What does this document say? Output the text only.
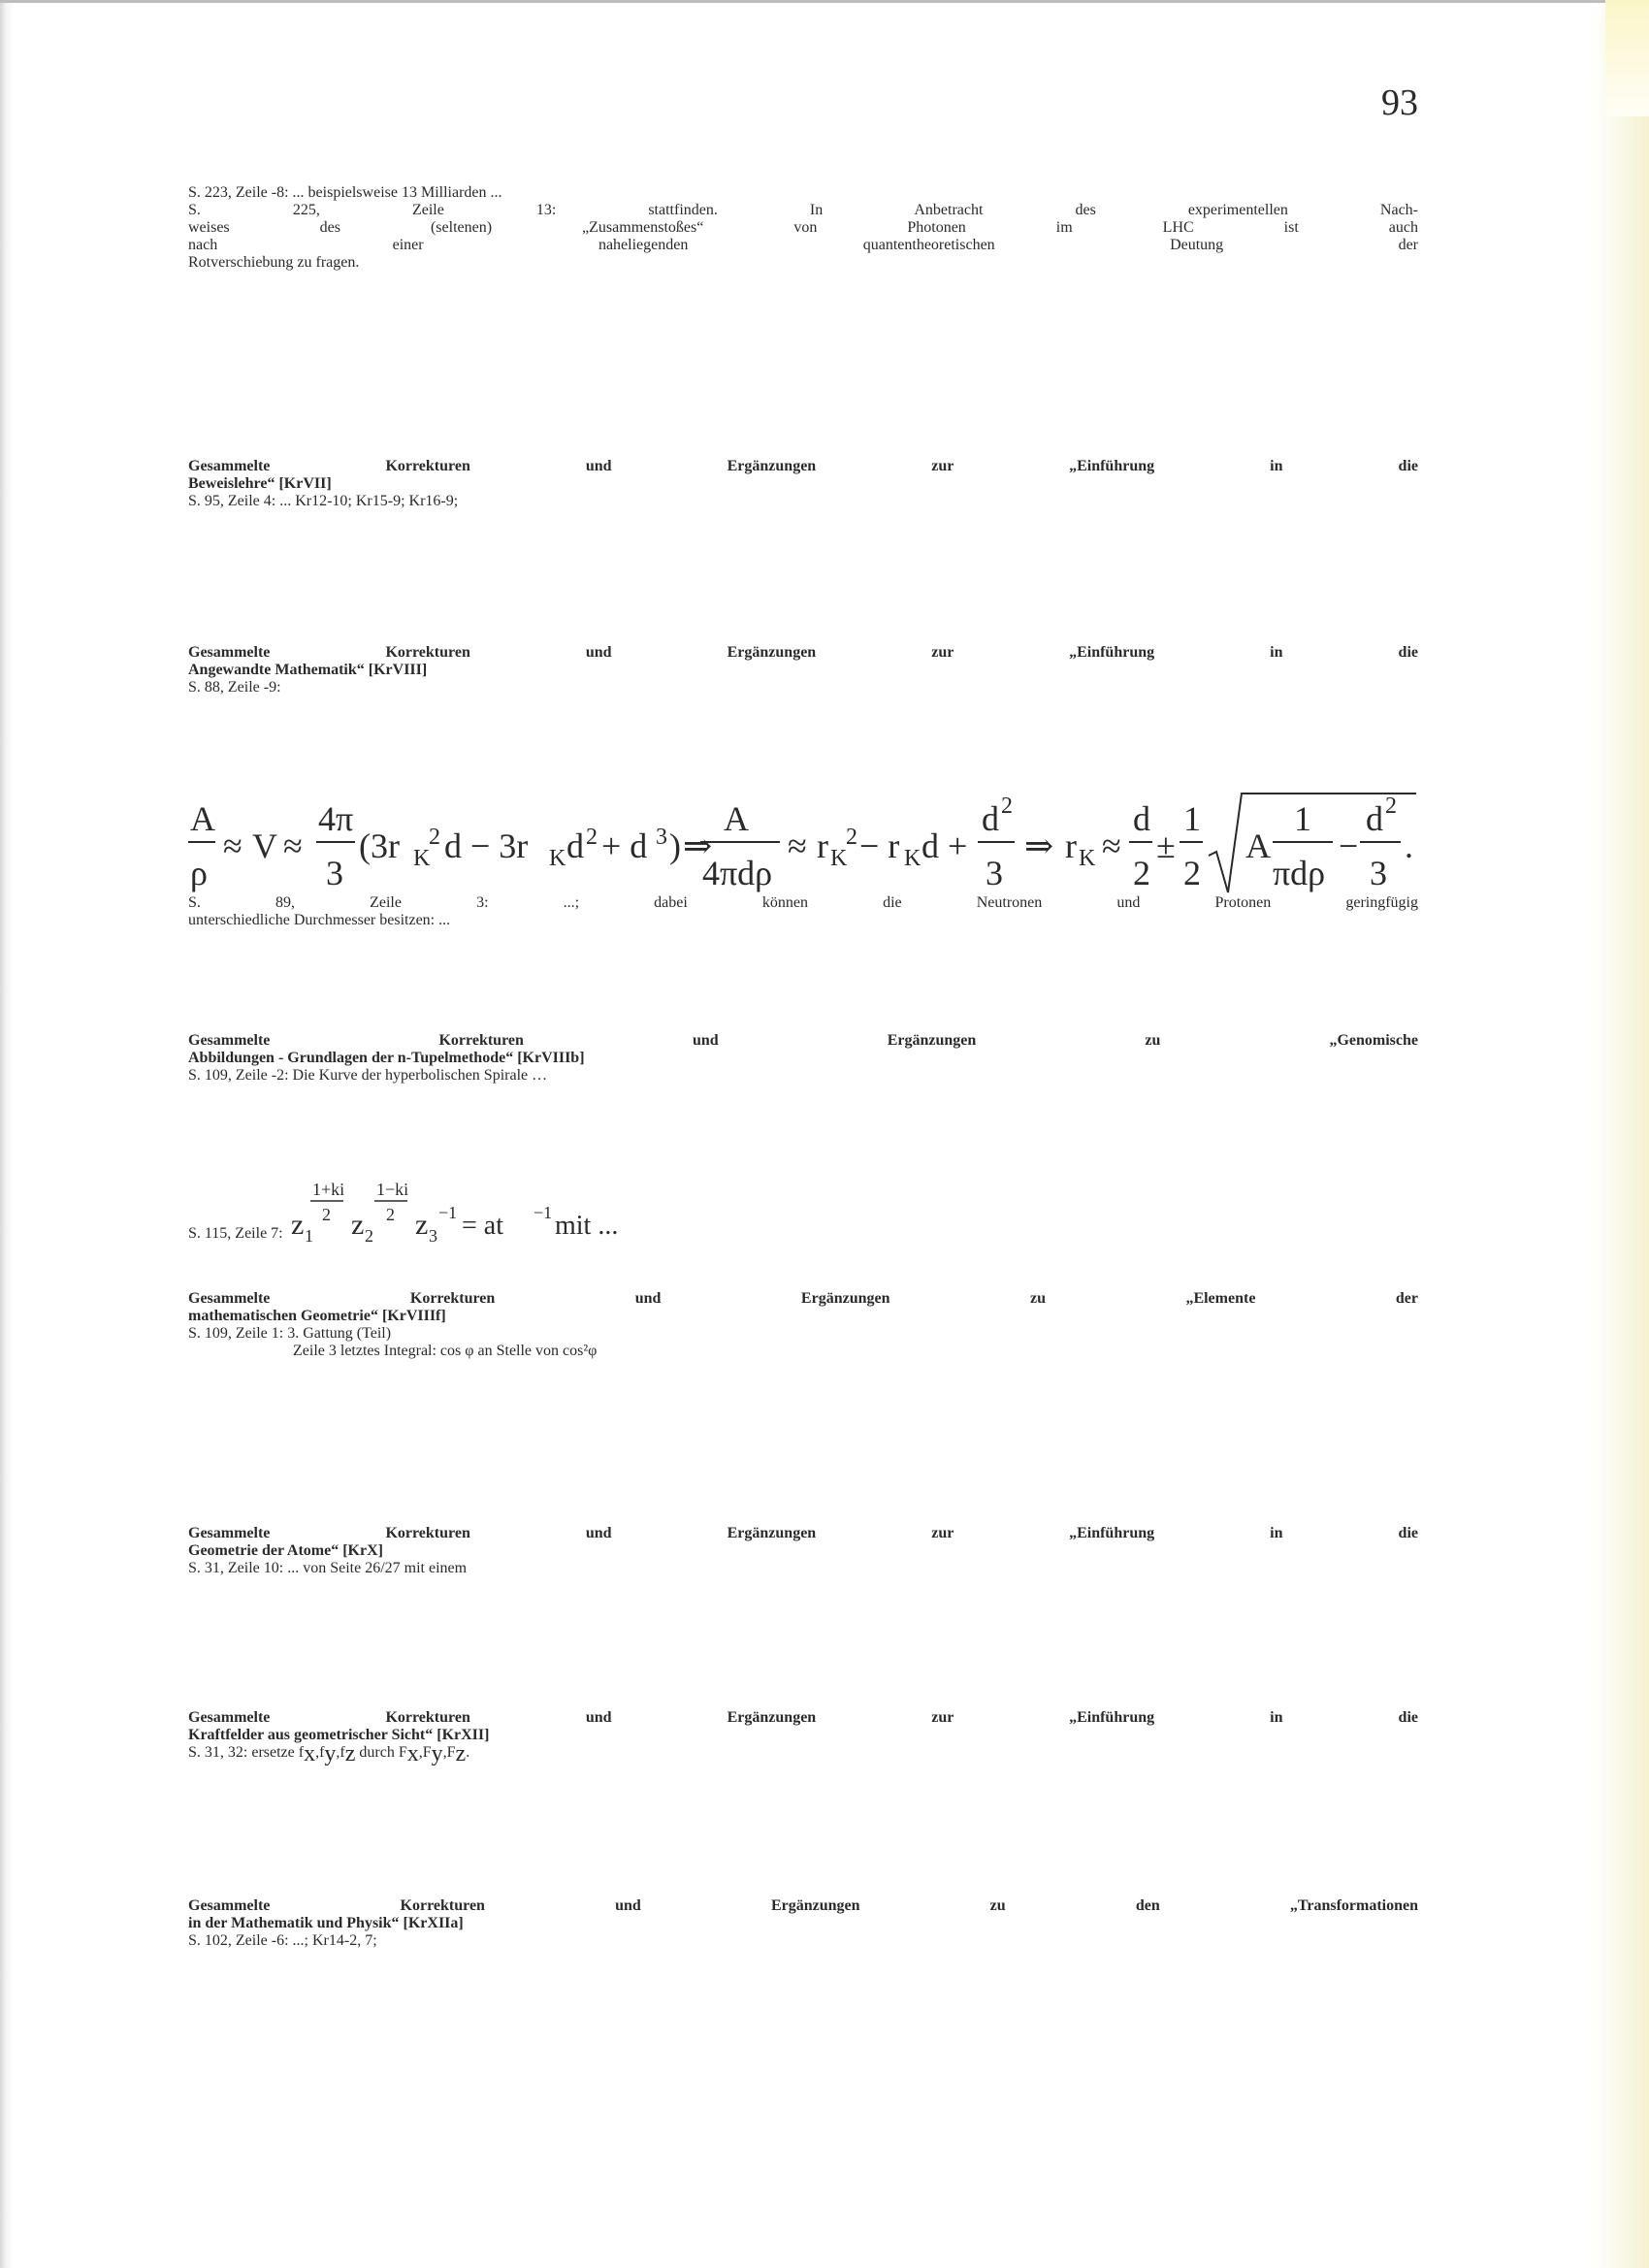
93
S. 223, Zeile -8: ... beispielsweise 13 Milliarden ...
S. 225, Zeile 13: stattfinden. In Anbetracht des experimentellen Nach-
weises des (seltenen) „Zusammenstoßes“ von Photonen im LHC ist auch
nach einer naheliegenden quantentheoretischen Deutung der
Rotverschiebung zu fragen.
Gesammelte Korrekturen und Ergänzungen zur „Einführung in die
Beweislehre“ [KrVII]
S. 95, Zeile 4: ... Kr12-10; Kr15-9; Kr16-9;
Gesammelte Korrekturen und Ergänzungen zur „Einführung in die
Angewandte Mathematik“ [KrVIII]
S. 88, Zeile -9:
A
ρ
≈ V ≈
4π
3
(3r K
2 d − 3r K d 2 + d 3 ) ⇒
A
4πdρ
≈ r K
2 − r K d +
d 2
3
⇒ r K ≈
d
2
±
1
2
A
1
πdρ
−
d 2
3
.
S. 89, Zeile 3: ...; dabei können die Neutronen und Protonen geringfügig
unterschiedliche Durchmesser besitzen: ...
Gesammelte Korrekturen und Ergänzungen zu „Genomische
Abbildungen - Grundlagen der n-Tupelmethode“ [KrVIIIb]
S. 109, Zeile -2: Die Kurve der hyperbolischen Spirale …
S. 115, Zeile 7: z 1
1+ki
2 z 2
1−ki
2 z 3
−1 = at −1 mit ...
Gesammelte Korrekturen und Ergänzungen zu „Elemente der
mathematischen Geometrie“ [KrVIIIf]
S. 109, Zeile 1: 3. Gattung (Teil)
Zeile 3 letztes Integral: cos φ an Stelle von cos²φ
Gesammelte Korrekturen und Ergänzungen zur „Einführung in die
Geometrie der Atome“ [KrX]
S. 31, Zeile 10: ... von Seite 26/27 mit einem
Gesammelte Korrekturen und Ergänzungen zur „Einführung in die
Kraftfelder aus geometrischer Sicht“ [KrXII]
S. 31, 32: ersetze $f_x,f_y,f_z$ durch $F_x,F_y,F_z$.
Gesammelte Korrekturen und Ergänzungen zu den „Transformationen
in der Mathematik und Physik“ [KrXIIa]
S. 102, Zeile -6: ...; Kr14-2, 7;
